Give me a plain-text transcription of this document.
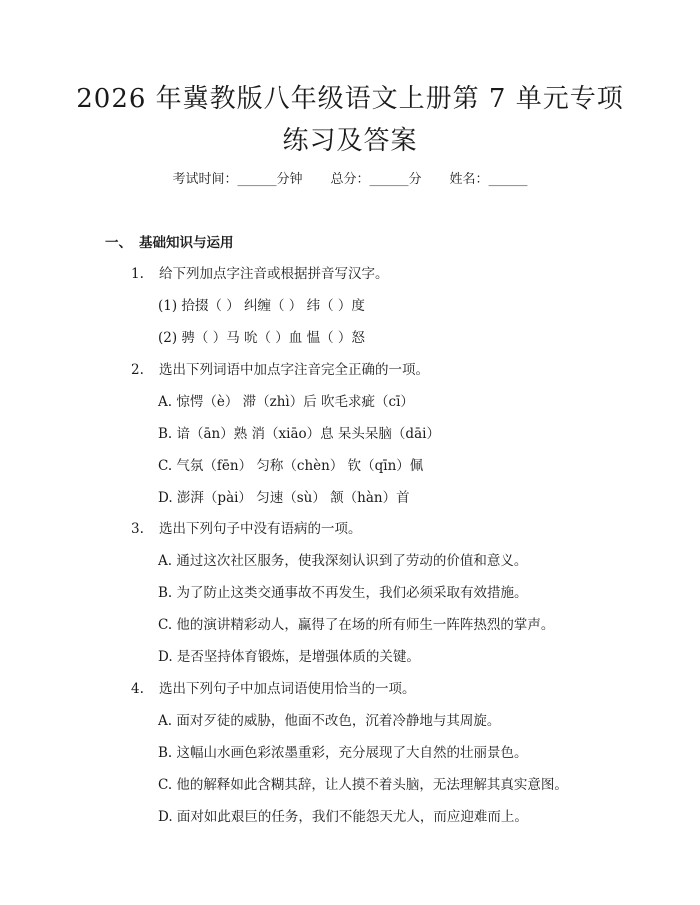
2026 年冀教版八年级语文上册第 7 单元专项
练习及答案
考试时间：______分钟 总分：______分 姓名：______
一、 基础知识与运用
1. 给下列加点字注音或根据拼音写汉字。
(1) 拾掇（ ） 纠缠（ ） 纬（ ）度
(2) 骋（ ）马 吮（ ）血 愠（ ）怒
2. 选出下列词语中加点字注音完全正确的一项。
A. 惊愕（è） 滞（zhì）后 吹毛求疵（cī）
B. 谙（ān）熟 消（xiāo）息 呆头呆脑（dāi）
C. 气氛（fēn） 匀称（chèn） 钦（qīn）佩
D. 澎湃（pài） 匀速（sù） 颔（hàn）首
3. 选出下列句子中没有语病的一项。
A. 通过这次社区服务，使我深刻认识到了劳动的价值和意义。
B. 为了防止这类交通事故不再发生，我们必须采取有效措施。
C. 他的演讲精彩动人，赢得了在场的所有师生一阵阵热烈的掌声。
D. 是否坚持体育锻炼，是增强体质的关键。
4. 选出下列句子中加点词语使用恰当的一项。
A. 面对歹徒的威胁，他面不改色，沉着冷静地与其周旋。
B. 这幅山水画色彩浓墨重彩，充分展现了大自然的壮丽景色。
C. 他的解释如此含糊其辞，让人摸不着头脑，无法理解其真实意图。
D. 面对如此艰巨的任务，我们不能怨天尤人，而应迎难而上。
